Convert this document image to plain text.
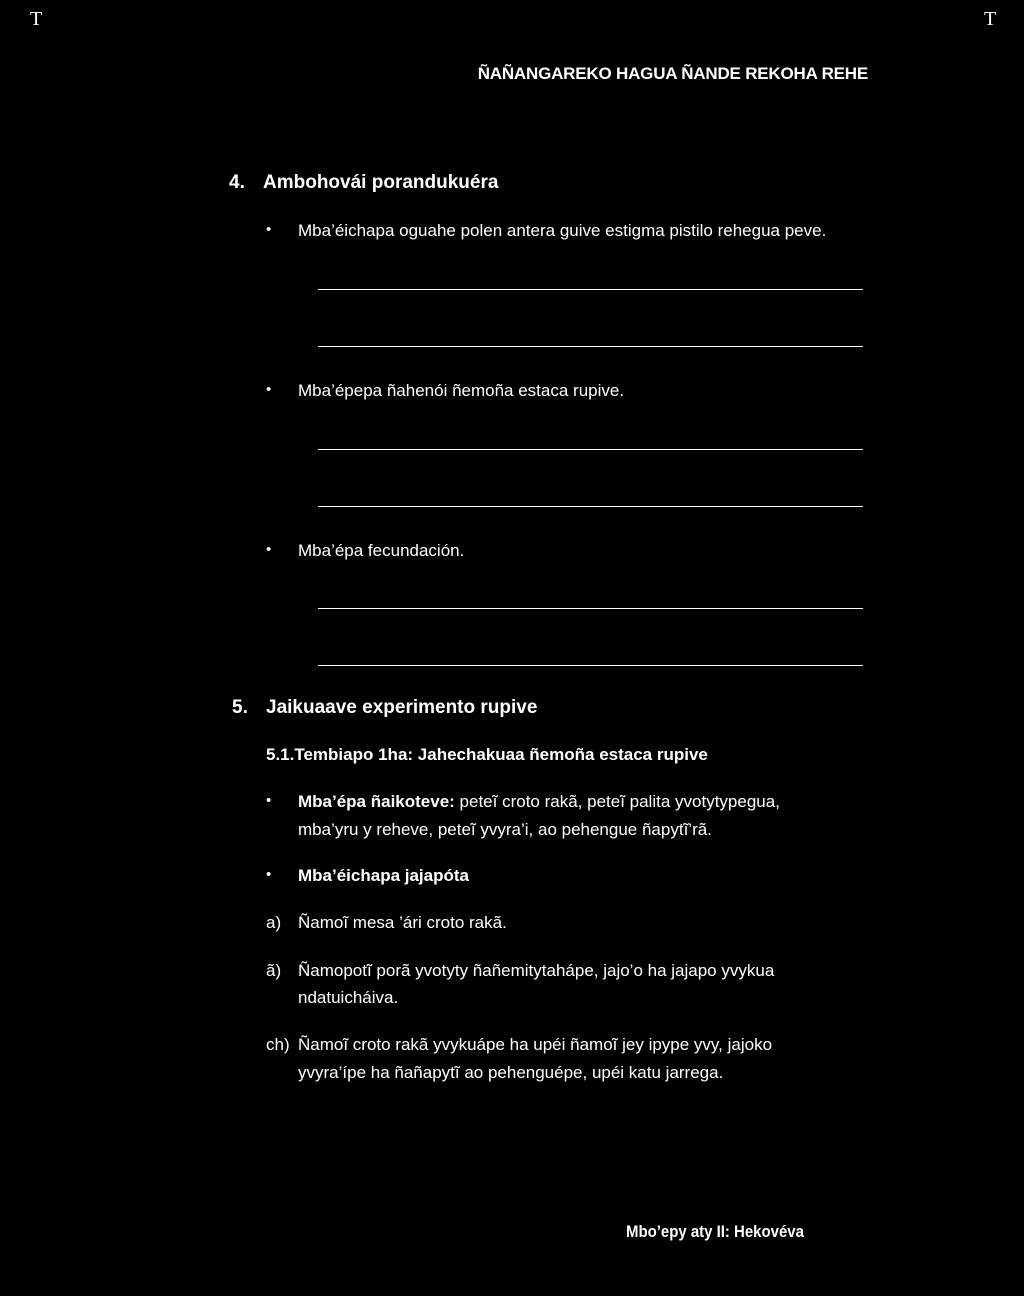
T	T
ÑAÑANGAREKO HAGUA ÑANDE REKOHA REHE
4. Ambohovái porandukuéra
• Mba’éichapa oguahe polen antera guive estigma pistilo rehegua peve.
• Mba’épepa ñahenói ñemoña estaca rupive.
• Mba’épa fecundación.
5. Jaikuaave experimento rupive
5.1.Tembiapo 1ha: Jahechakuaa ñemoña estaca rupive
• Mba’épa ñaikoteve: peteĩ croto rakã, peteĩ palita yvotytypegua,
mba’yru y reheve, peteĩ yvyra’i, ao pehengue ñapytĩ’rã.
• Mba’éichapa jajapóta
a) Ñamoĩ mesa ’ári croto rakã.
ã) Ñamopotĩ porã yvotyty ñañemitytahápe, jajo’o ha jajapo yvykua
ndatuicháiva.
ch) Ñamoĩ croto rakã yvykuápe ha upéi ñamoĩ jey ipype yvy, jajoko
yvyra’ípe ha ñañapytĩ ao pehenguépe, upéi katu jarrega.
Mbo’epy aty II: Hekovéva
